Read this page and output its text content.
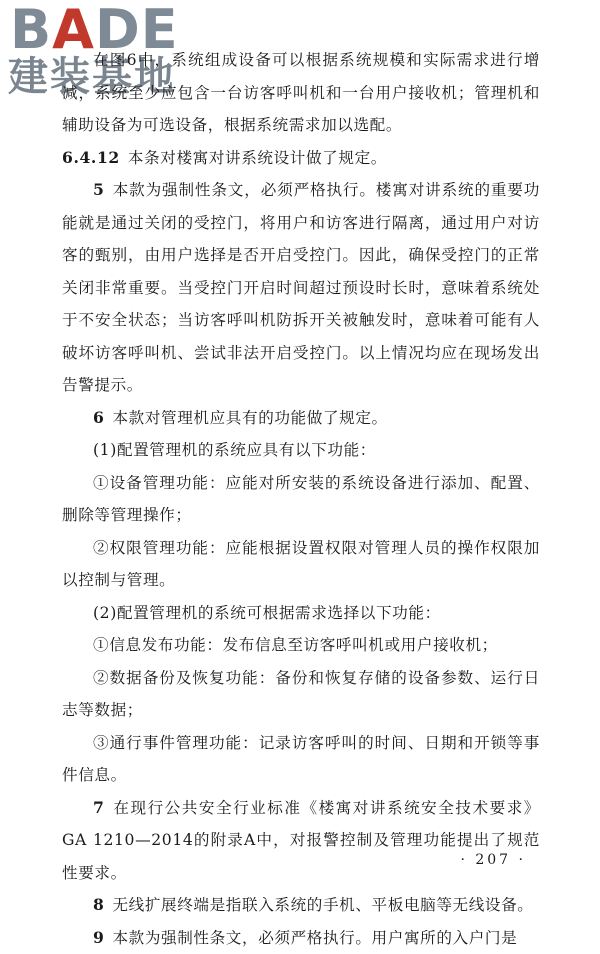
BADE
建装基地

在图6中，系统组成设备可以根据系统规模和实际需求进行增减，系统至少应包含一台访客呼叫机和一台用户接收机；管理机和辅助设备为可选设备，根据系统需求加以选配。

6.4.12 本条对楼寓对讲系统设计做了规定。

5 本款为强制性条文，必须严格执行。楼寓对讲系统的重要功能就是通过关闭的受控门，将用户和访客进行隔离，通过用户对访客的甄别，由用户选择是否开启受控门。因此，确保受控门的正常关闭非常重要。当受控门开启时间超过预设时长时，意味着系统处于不安全状态；当访客呼叫机防拆开关被触发时，意味着可能有人破坏访客呼叫机、尝试非法开启受控门。以上情况均应在现场发出告警提示。

6 本款对管理机应具有的功能做了规定。

(1)配置管理机的系统应具有以下功能：

①设备管理功能：应能对所安装的系统设备进行添加、配置、删除等管理操作；

②权限管理功能：应能根据设置权限对管理人员的操作权限加以控制与管理。

(2)配置管理机的系统可根据需求选择以下功能：

①信息发布功能：发布信息至访客呼叫机或用户接收机；

②数据备份及恢复功能：备份和恢复存储的设备参数、运行日志等数据；

③通行事件管理功能：记录访客呼叫的时间、日期和开锁等事件信息。

7 在现行公共安全行业标准《楼寓对讲系统安全技术要求》GA 1210—2014的附录A中，对报警控制及管理功能提出了规范性要求。

8 无线扩展终端是指联入系统的手机、平板电脑等无线设备。

9 本款为强制性条文，必须严格执行。用户寓所的入户门是

· 207 ·
